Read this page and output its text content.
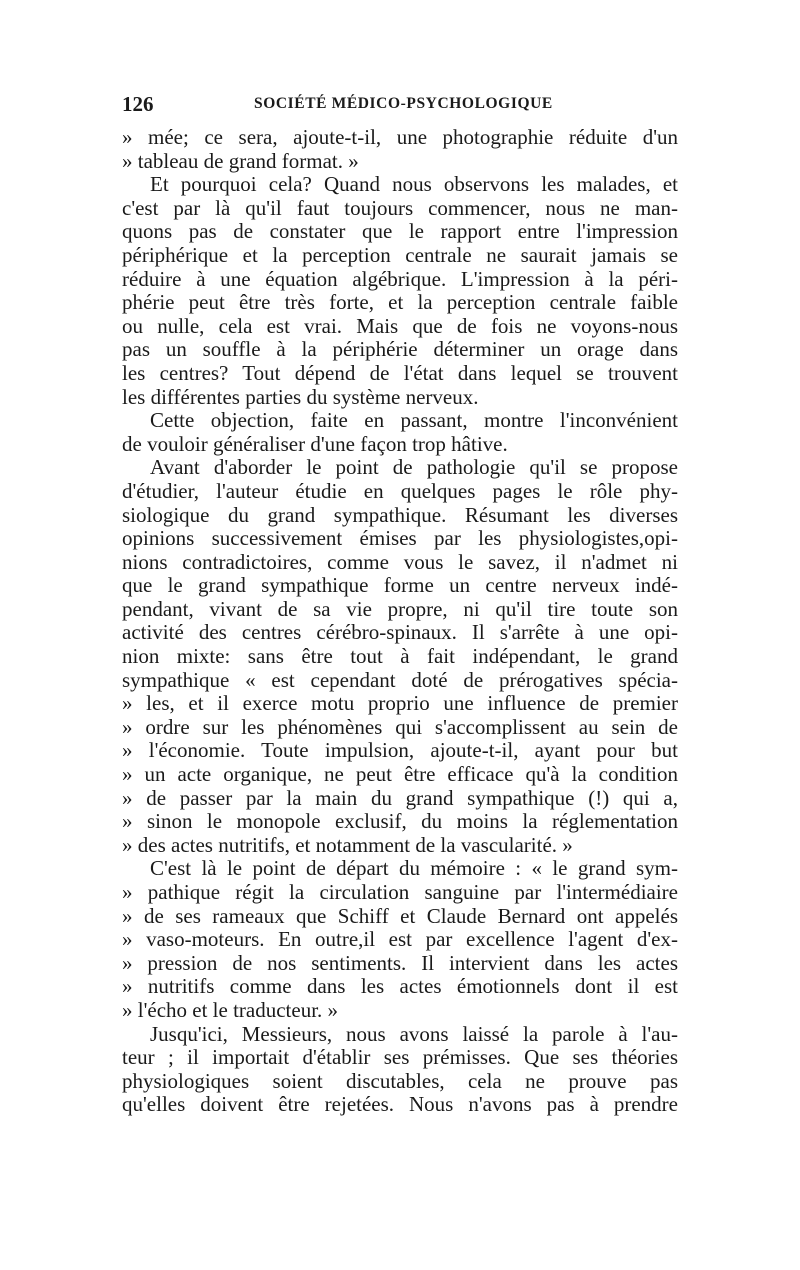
126	SOCIÉTÉ MÉDICO-PSYCHOLOGIQUE
» mée; ce sera, ajoute-t-il, une photographie réduite d'un
» tableau de grand format. »
Et pourquoi cela? Quand nous observons les malades, et
c'est par là qu'il faut toujours commencer, nous ne man-
quons pas de constater que le rapport entre l'impression
périphérique et la perception centrale ne saurait jamais se
réduire à une équation algébrique. L'impression à la péri-
phérie peut être très forte, et la perception centrale faible
ou nulle, cela est vrai. Mais que de fois ne voyons-nous
pas un souffle à la périphérie déterminer un orage dans
les centres? Tout dépend de l'état dans lequel se trouvent
les différentes parties du système nerveux.
Cette objection, faite en passant, montre l'inconvénient
de vouloir généraliser d'une façon trop hâtive.
Avant d'aborder le point de pathologie qu'il se propose
d'étudier, l'auteur étudie en quelques pages le rôle phy-
siologique du grand sympathique. Résumant les diverses
opinions successivement émises par les physiologistes,opi-
nions contradictoires, comme vous le savez, il n'admet ni
que le grand sympathique forme un centre nerveux indé-
pendant, vivant de sa vie propre, ni qu'il tire toute son
activité des centres cérébro-spinaux. Il s'arrête à une opi-
nion mixte: sans être tout à fait indépendant, le grand
sympathique « est cependant doté de prérogatives spécia-
» les, et il exerce motu proprio une influence de premier
» ordre sur les phénomènes qui s'accomplissent au sein de
» l'économie. Toute impulsion, ajoute-t-il, ayant pour but
» un acte organique, ne peut être efficace qu'à la condition
» de passer par la main du grand sympathique (!) qui a,
» sinon le monopole exclusif, du moins la réglementation
» des actes nutritifs, et notamment de la vascularité. »
C'est là le point de départ du mémoire : « le grand sym-
» pathique régit la circulation sanguine par l'intermédiaire
» de ses rameaux que Schiff et Claude Bernard ont appelés
» vaso-moteurs. En outre,il est par excellence l'agent d'ex-
» pression de nos sentiments. Il intervient dans les actes
» nutritifs comme dans les actes émotionnels dont il est
» l'écho et le traducteur. »
Jusqu'ici, Messieurs, nous avons laissé la parole à l'au-
teur ; il importait d'établir ses prémisses. Que ses théories
physiologiques soient discutables, cela ne prouve pas
qu'elles doivent être rejetées. Nous n'avons pas à prendre
